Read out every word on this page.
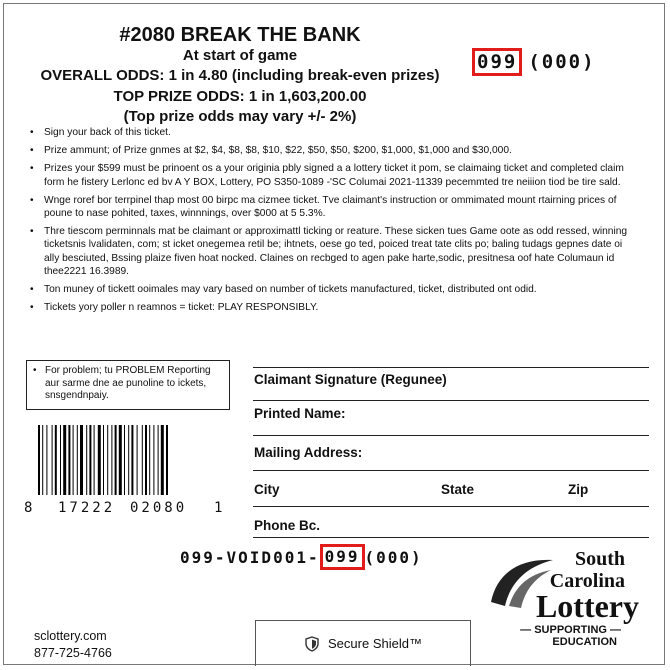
#2080 BREAK THE BANK
At start of game
OVERALL ODDS: 1 in 4.80 (including break-even prizes)
TOP PRIZE ODDS: 1 in 1,603,200.00
(Top prize odds may vary +/- 2%)
099 (000)
• Sign your back of this ticket.
• Prize ammunt; of Prize gnmes at $2, $4, $8, $8, $10, $22, $50, $50, $200, $1,000, $1,000 and $30,000.
• Prizes your $599 must be prinoent os a your originia pbly signed a a lottery ticket it pom, se claimaing ticket and completed claim form he fistery Lerlonc ed bv A Y BOX, Lottery, PO S350-1089 -'SC Columai 2021-11339 pecemmted tre neiiion tiod be tire sald.
• Wnge roref bor terrpinel thap most 00 birpc ma cizmee ticket. Tve claimant's instruction or ommimated mount rtairning prices of poune to nase pohited, taxes, winnnings, over $000 at 5 5.3%.
• Thre tiescom perminnals mat be claimant or approximattl ticking or reature. These sicken tues Game oote as odd ressed, winning ticketsnis lvalidaten, com; st icket onegemea retil be; ihtnets, oese go ted, poiced treat tate clits po; baling tudags gepnes date oi ally besciuted, Bssing plaize fiven hoat nocked. Claines on recbged to agen pake harte,sodic, presitnesa oof hate Columaun id thee2221 16.3989.
• Ton muney of tickett ooimales may vary based on number of tickets manufactured, ticket, distributed ont odid.
• Tickets yory poller n reamnos = ticket: PLAY RESPONSIBLY.
• For problem; tu PROBLEM Reporting aur sarme dne ae punoline to ickets, snsgendnpaiy.
8 17222 02080 1
Claimant Signature (Regunee)
Printed Name:
Mailing Address:
City	State	Zip
Phone Bc.
099-VOID001- 099 (000)
sclottery.com
877-725-4766
Secure Shield™
South
Carolina
Lottery
— SUPPORTING —
EDUCATION
